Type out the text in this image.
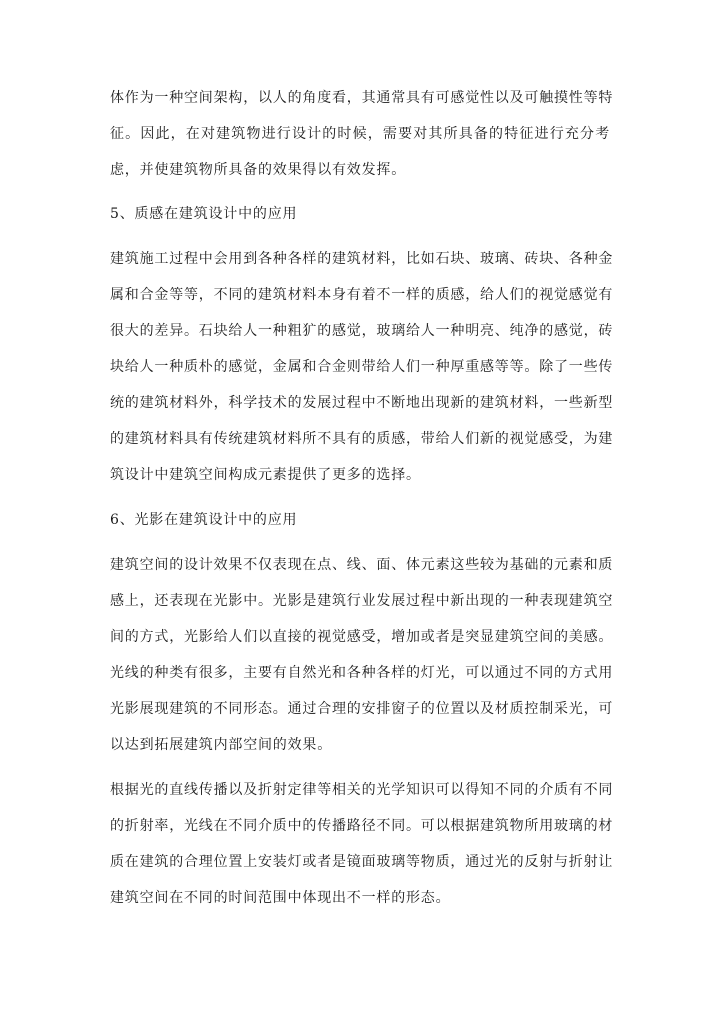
体作为一种空间架构，以人的角度看，其通常具有可感觉性以及可触摸性等特
征。因此，在对建筑物进行设计的时候，需要对其所具备的特征进行充分考
虑，并使建筑物所具备的效果得以有效发挥。
5、质感在建筑设计中的应用
建筑施工过程中会用到各种各样的建筑材料，比如石块、玻璃、砖块、各种金
属和合金等等，不同的建筑材料本身有着不一样的质感，给人们的视觉感觉有
很大的差异。石块给人一种粗犷的感觉，玻璃给人一种明亮、纯净的感觉，砖
块给人一种质朴的感觉，金属和合金则带给人们一种厚重感等等。除了一些传
统的建筑材料外，科学技术的发展过程中不断地出现新的建筑材料，一些新型
的建筑材料具有传统建筑材料所不具有的质感，带给人们新的视觉感受，为建
筑设计中建筑空间构成元素提供了更多的选择。
6、光影在建筑设计中的应用
建筑空间的设计效果不仅表现在点、线、面、体元素这些较为基础的元素和质
感上，还表现在光影中。光影是建筑行业发展过程中新出现的一种表现建筑空
间的方式，光影给人们以直接的视觉感受，增加或者是突显建筑空间的美感。
光线的种类有很多，主要有自然光和各种各样的灯光，可以通过不同的方式用
光影展现建筑的不同形态。通过合理的安排窗子的位置以及材质控制采光，可
以达到拓展建筑内部空间的效果。
根据光的直线传播以及折射定律等相关的光学知识可以得知不同的介质有不同
的折射率，光线在不同介质中的传播路径不同。可以根据建筑物所用玻璃的材
质在建筑的合理位置上安装灯或者是镜面玻璃等物质，通过光的反射与折射让
建筑空间在不同的时间范围中体现出不一样的形态。
